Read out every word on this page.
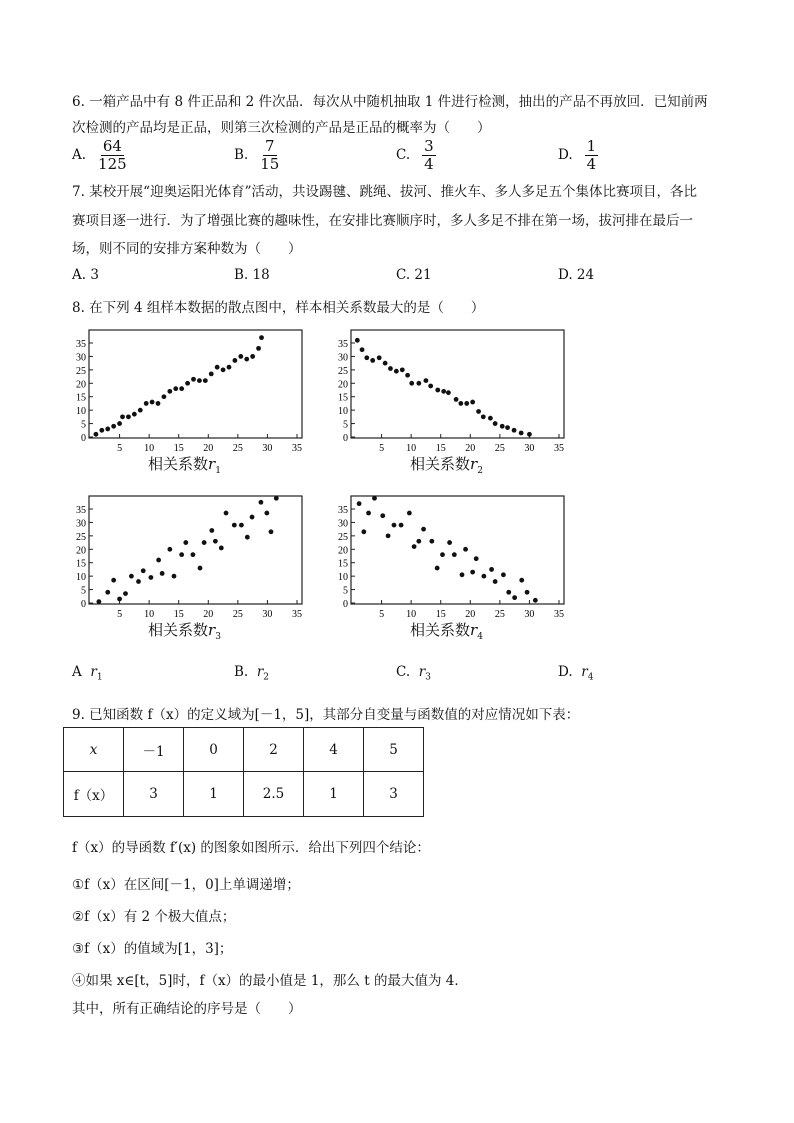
6. 一箱产品中有 8 件正品和 2 件次品．每次从中随机抽取 1 件进行检测，抽出的产品不再放回．已知前两
次检测的产品均是正品，则第三次检测的产品是正品的概率为（　　）
A. $\frac{64}{125}$	B. $\frac{7}{15}$	C. $\frac{3}{4}$	D. $\frac{1}{4}$
7. 某校开展“迎奥运阳光体育”活动，共设踢毽、跳绳、拔河、推火车、多人多足五个集体比赛项目，各比
赛项目逐一进行．为了增强比赛的趣味性，在安排比赛顺序时，多人多足不排在第一场，拔河排在最后一
场，则不同的安排方案种数为（　　）
A. 3	B. 18	C. 21	D. 24
8. 在下列 4 组样本数据的散点图中，样本相关系数最大的是（　　）
5 10 15 20 25 30 35
0
5
10
15
20
25
30
35
相关系数$r_1$
5 10 15 20 25 30 35
0
5
10
15
20
25
30
35
相关系数$r_2$
5 10 15 20 25 30 35
0
5
10
15
20
25
30
35
相关系数$r_3$
5 10 15 20 25 30 35
0
5
10
15
20
25
30
35
相关系数$r_4$
A $r_1$	B. $r_2$	C. $r_3$	D. $r_4$
9. 已知函数 f（x）的定义域为[－1，5]，其部分自变量与函数值的对应情况如下表：
x	－1	0	2	4	5
f（x）	3	1	2.5	1	3
f（x）的导函数 f′(x) 的图象如图所示．给出下列四个结论：
①f（x）在区间[－1，0]上单调递增；
②f（x）有 2 个极大值点；
③f（x）的值域为[1，3]；
④如果 x∈[t，5]时，f（x）的最小值是 1，那么 t 的最大值为 4．
其中，所有正确结论的序号是（　　）
